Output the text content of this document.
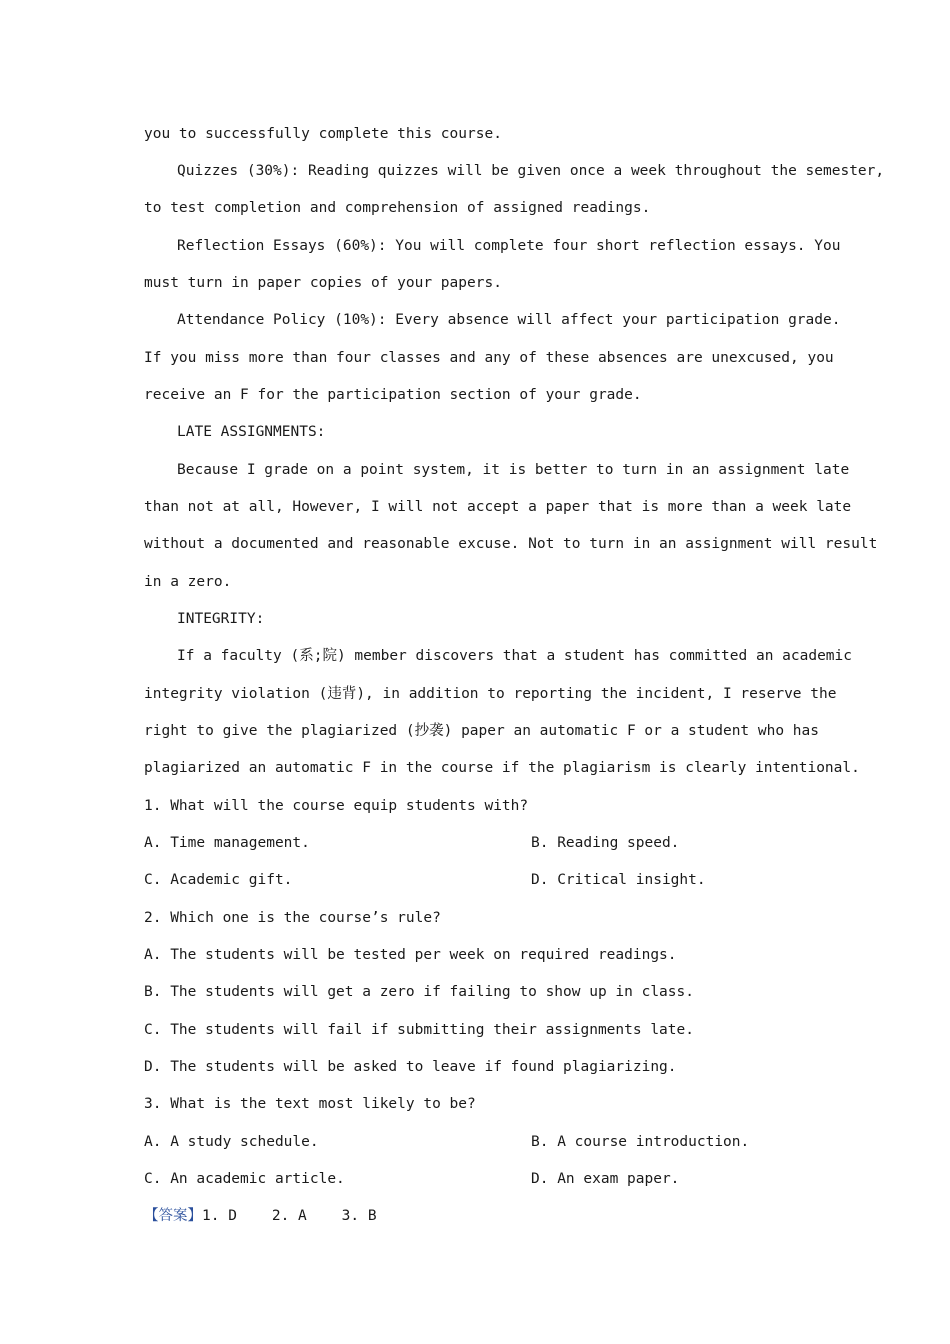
you to successfully complete this course.
Quizzes (30%): Reading quizzes will be given once a week throughout the semester,
to test completion and comprehension of assigned readings.
Reflection Essays (60%): You will complete four short reflection essays. You
must turn in paper copies of your papers.
Attendance Policy (10%): Every absence will affect your participation grade.
If you miss more than four classes and any of these absences are unexcused, you
receive an F for the participation section of your grade.
LATE ASSIGNMENTS:
Because I grade on a point system, it is better to turn in an assignment late
than not at all, However, I will not accept a paper that is more than a week late
without a documented and reasonable excuse. Not to turn in an assignment will result
in a zero.
INTEGRITY:
If a faculty (系;院) member discovers that a student has committed an academic
integrity violation (违背), in addition to reporting the incident, I reserve the
right to give the plagiarized (抄袭) paper an automatic F or a student who has
plagiarized an automatic F in the course if the plagiarism is clearly intentional.
1. What will the course equip students with?
A. Time management.	B. Reading speed.
C. Academic gift.	D. Critical insight.
2. Which one is the course’s rule?
A. The students will be tested per week on required readings.
B. The students will get a zero if failing to show up in class.
C. The students will fail if submitting their assignments late.
D. The students will be asked to leave if found plagiarizing.
3. What is the text most likely to be?
A. A study schedule.	B. A course introduction.
C. An academic article.	D. An exam paper.
【答案】1. D    2. A    3. B
